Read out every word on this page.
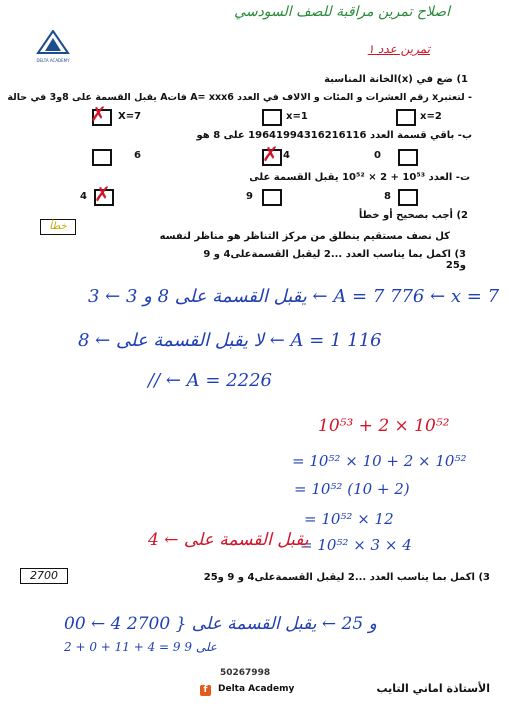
اصلاح تمرين مراقبة للصف السودسي
DELTA ACADEMY
تمرين عدد ١
1) ضع في (x)الخانة المناسبة
- لتعتبرx رقم العشرات و المئات و الالاف في العدد A= xxx6 فاتA يقبل القسمة على 8و3 في حالة
X=7
✗	x=1	x=2
ب- باقي قسمة العدد 19641994316216116 على 8 هو
6	✗ 4	0
ت- العدد 10⁵³ + 2 × 10⁵² يقبل القسمة على
4 ✗	9	8
2) أجب بصحيح أو خطأ
خطأ
كل نصف مستقيم ينطلق من مركز التناظر هو مناظر لنفسه
3) اكمل بما يناسب العدد ...2 ليقبل القسمةعلى4 و 9 و25
3 ← يقبل القسمة على 8 و 3 ← A = 7 776 ← x = 7
8 ← لا يقبل القسمة على ← A = 1 116
// ← A = 2226
10⁵³ + 2 × 10⁵²
= 10⁵² × 10 + 2 × 10⁵²
= 10⁵² (10 + 2)
= 10⁵² × 12
= 10⁵² × 3 × 4
4 ← يقبل القسمة على
2700	3) اكمل بما يناسب العدد ...2 ليقبل القسمةعلى4 و 9 و25
00 ← 4 و 25 ← يقبل القسمة على { 2700
2 + 0 + 11 + 4 = 9 على 9
50267998
f	Delta Academy	الأستاذة اماني التايب
